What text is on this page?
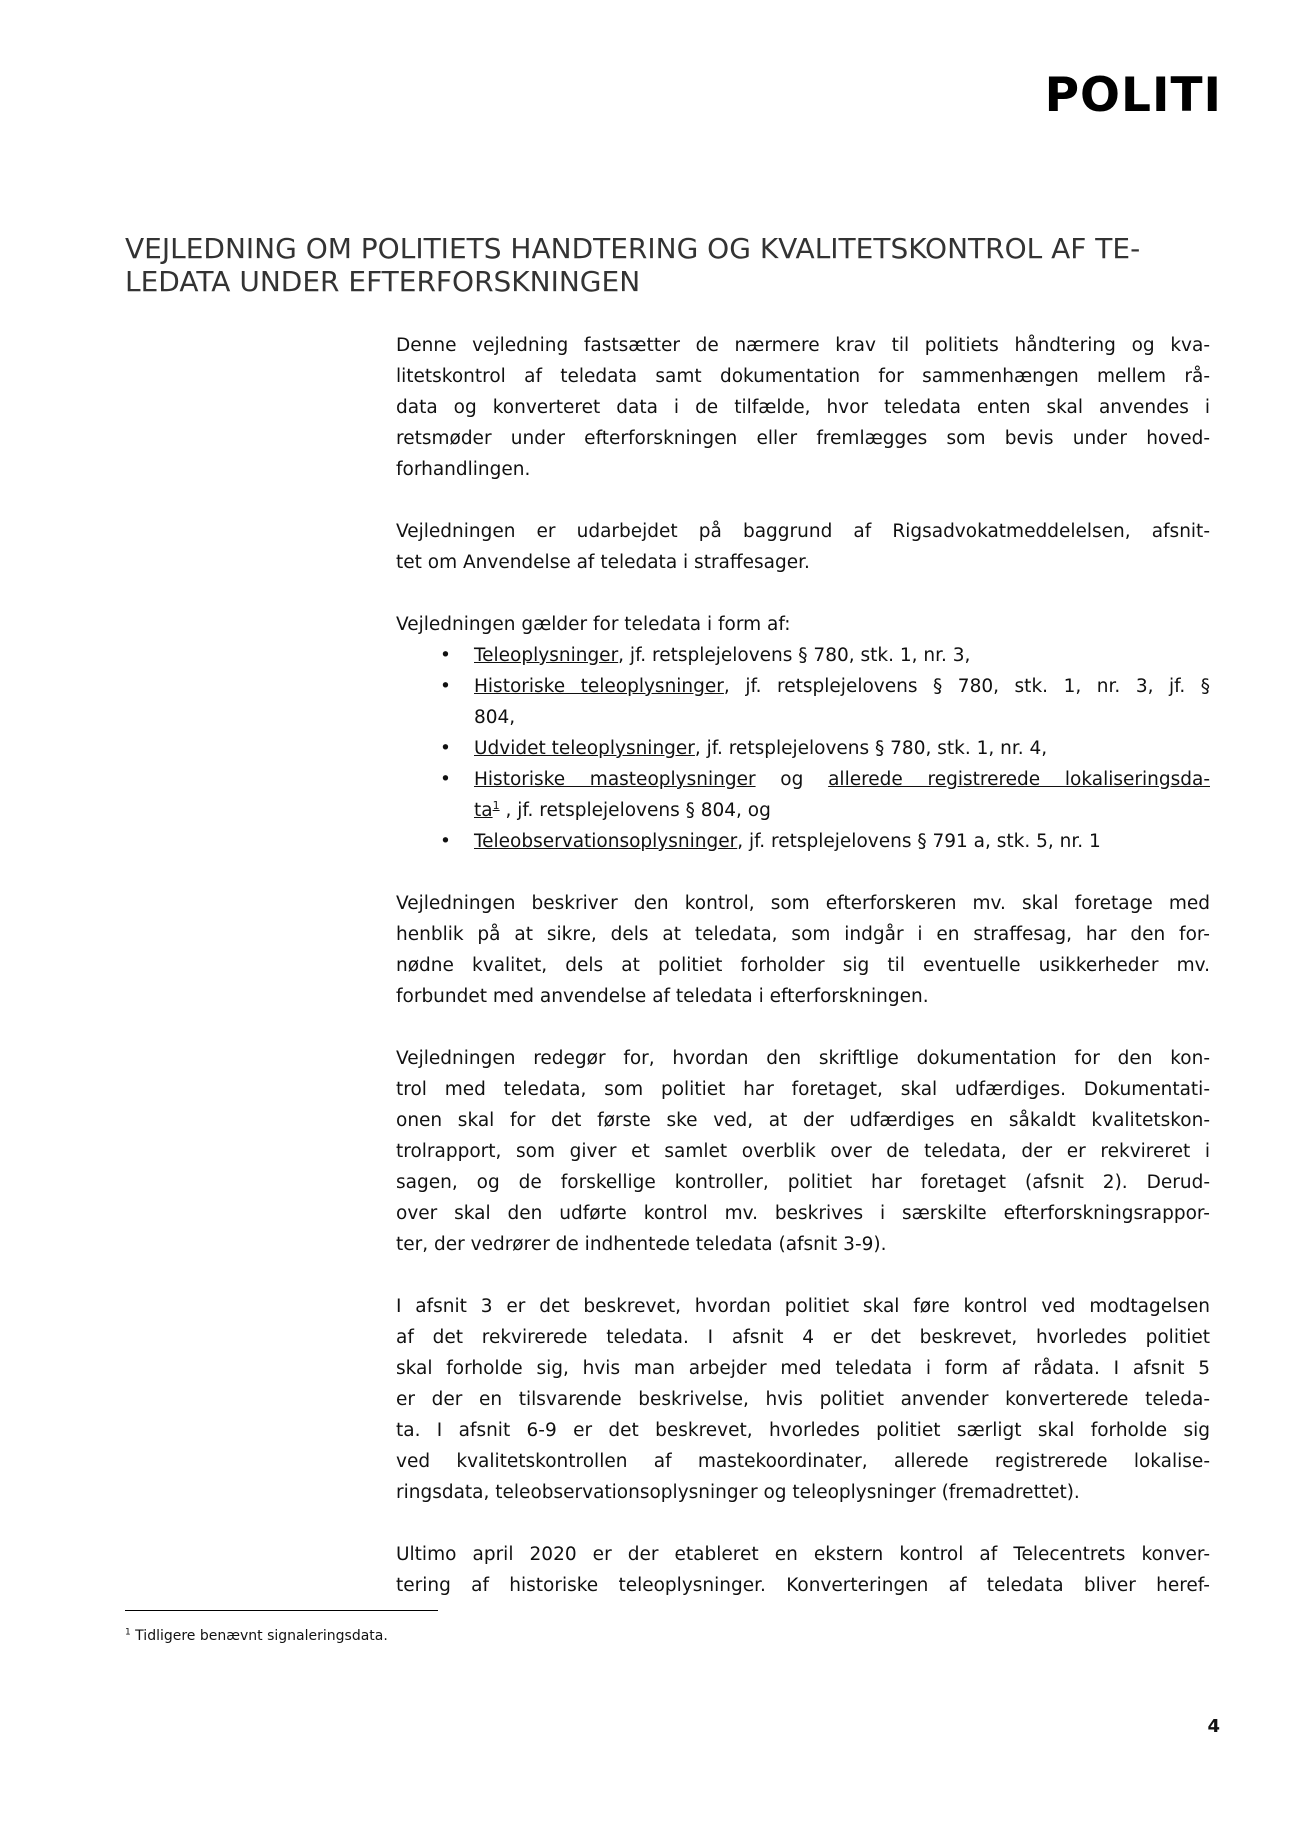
POLITI
VEJLEDNING OM POLITIETS HANDTERING OG KVALITETSKONTROL AF TE-
LEDATA UNDER EFTERFORSKNINGEN

Denne vejledning fastsætter de nærmere krav til politiets håndtering og kva-
litetskontrol af teledata samt dokumentation for sammenhængen mellem rå-
data og konverteret data i de tilfælde, hvor teledata enten skal anvendes i
retsmøder under efterforskningen eller fremlægges som bevis under hoved-
forhandlingen.

Vejledningen er udarbejdet på baggrund af Rigsadvokatmeddelelsen, afsnit-
tet om Anvendelse af teledata i straffesager.

Vejledningen gælder for teledata i form af:

• Teleoplysninger, jf. retsplejelovens § 780, stk. 1, nr. 3,
• Historiske teleoplysninger, jf. retsplejelovens § 780, stk. 1, nr. 3, jf. §
804,
• Udvidet teleoplysninger, jf. retsplejelovens § 780, stk. 1, nr. 4,
• Historiske masteoplysninger og allerede registrerede lokaliseringsda-
$ta^1$ , jf. retsplejelovens § 804, og
• Teleobservationsoplysninger, jf. retsplejelovens § 791 a, stk. 5, nr. 1

Vejledningen beskriver den kontrol, som efterforskeren mv. skal foretage med
henblik på at sikre, dels at teledata, som indgår i en straffesag, har den for-
nødne kvalitet, dels at politiet forholder sig til eventuelle usikkerheder mv.
forbundet med anvendelse af teledata i efterforskningen.

Vejledningen redegør for, hvordan den skriftlige dokumentation for den kon-
trol med teledata, som politiet har foretaget, skal udfærdiges. Dokumentati-
onen skal for det første ske ved, at der udfærdiges en såkaldt kvalitetskon-
trolrapport, som giver et samlet overblik over de teledata, der er rekvireret i
sagen, og de forskellige kontroller, politiet har foretaget (afsnit 2). Derud-
over skal den udførte kontrol mv. beskrives i særskilte efterforskningsrappor-
ter, der vedrører de indhentede teledata (afsnit 3-9).

I afsnit 3 er det beskrevet, hvordan politiet skal føre kontrol ved modtagelsen
af det rekvirerede teledata. I afsnit 4 er det beskrevet, hvorledes politiet
skal forholde sig, hvis man arbejder med teledata i form af rådata. I afsnit 5
er der en tilsvarende beskrivelse, hvis politiet anvender konverterede teleda-
ta. I afsnit 6-9 er det beskrevet, hvorledes politiet særligt skal forholde sig
ved kvalitetskontrollen af mastekoordinater, allerede registrerede lokalise-
ringsdata, teleobservationsoplysninger og teleoplysninger (fremadrettet).

Ultimo april 2020 er der etableret en ekstern kontrol af Telecentrets konver-
tering af historiske teleoplysninger. Konverteringen af teledata bliver heref-

$^1$ Tidligere benævnt signaleringsdata.
4
